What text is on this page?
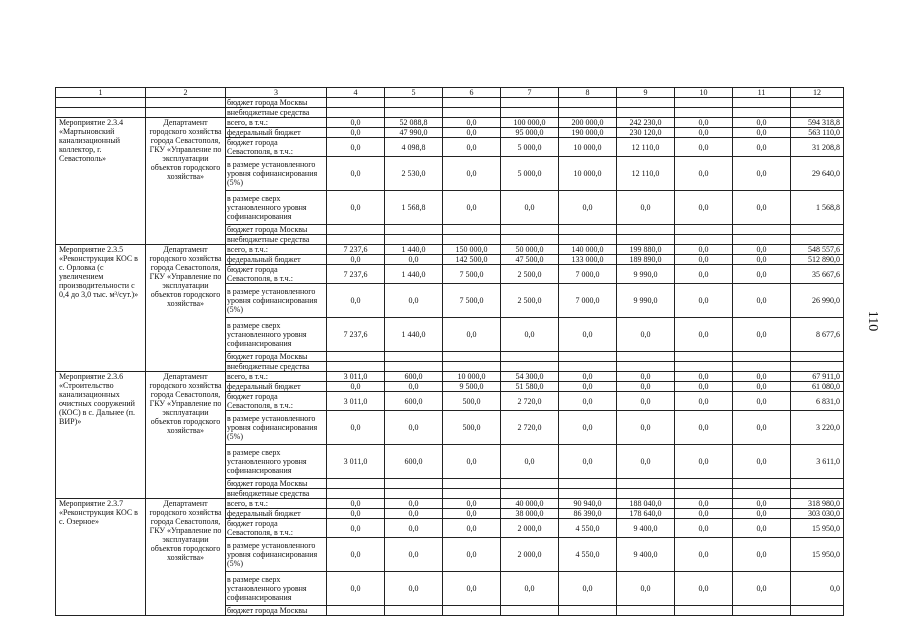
1	2	3	4	5	6	7	8	9	10	11	12
		бюджет города Москвы									
		внебюджетные средства									
Мероприятие 2.3.4 «Мартыновский канализационный коллектор, г. Севастополь»	Департамент городского хозяйства города Севастополя, ГКУ «Управление по эксплуатации объектов городского хозяйства»	всего, в т.ч.:	0,0	52 088,8	0,0	100 000,0	200 000,0	242 230,0	0,0	0,0	594 318,8
		федеральный бюджет	0,0	47 990,0	0,0	95 000,0	190 000,0	230 120,0	0,0	0,0	563 110,0
		бюджет города Севастополя, в т.ч.:	0,0	4 098,8	0,0	5 000,0	10 000,0	12 110,0	0,0	0,0	31 208,8
		в размере установленного уровня софинансирования (5%)	0,0	2 530,0	0,0	5 000,0	10 000,0	12 110,0	0,0	0,0	29 640,0
		в размере сверх установленного уровня софинансирования	0,0	1 568,8	0,0	0,0	0,0	0,0	0,0	0,0	1 568,8
		бюджет города Москвы									
		внебюджетные средства									
Мероприятие 2.3.5 «Реконструкция КОС в с. Орловка (с увеличением производительности с 0,4 до 3,0 тыс. м³/сут.)»	Департамент городского хозяйства города Севастополя, ГКУ «Управление по эксплуатации объектов городского хозяйства»	всего, в т.ч.:	7 237,6	1 440,0	150 000,0	50 000,0	140 000,0	199 880,0	0,0	0,0	548 557,6
		федеральный бюджет	0,0	0,0	142 500,0	47 500,0	133 000,0	189 890,0	0,0	0,0	512 890,0
		бюджет города Севастополя, в т.ч.:	7 237,6	1 440,0	7 500,0	2 500,0	7 000,0	9 990,0	0,0	0,0	35 667,6
		в размере установленного уровня софинансирования (5%)	0,0	0,0	7 500,0	2 500,0	7 000,0	9 990,0	0,0	0,0	26 990,0
		в размере сверх установленного уровня софинансирования	7 237,6	1 440,0	0,0	0,0	0,0	0,0	0,0	0,0	8 677,6
		бюджет города Москвы									
		внебюджетные средства									
Мероприятие 2.3.6 «Строительство канализационных очистных сооружений (КОС) в с. Дальнее (п. ВИР)»	Департамент городского хозяйства города Севастополя, ГКУ «Управление по эксплуатации объектов городского хозяйства»	всего, в т.ч.:	3 011,0	600,0	10 000,0	54 300,0	0,0	0,0	0,0	0,0	67 911,0
		федеральный бюджет	0,0	0,0	9 500,0	51 580,0	0,0	0,0	0,0	0,0	61 080,0
		бюджет города Севастополя, в т.ч.:	3 011,0	600,0	500,0	2 720,0	0,0	0,0	0,0	0,0	6 831,0
		в размере установленного уровня софинансирования (5%)	0,0	0,0	500,0	2 720,0	0,0	0,0	0,0	0,0	3 220,0
		в размере сверх установленного уровня софинансирования	3 011,0	600,0	0,0	0,0	0,0	0,0	0,0	0,0	3 611,0
		бюджет города Москвы									
		внебюджетные средства									
Мероприятие 2.3.7 «Реконструкция КОС в с. Озерное»	Департамент городского хозяйства города Севастополя, ГКУ «Управление по эксплуатации объектов городского хозяйства»	всего, в т.ч.:	0,0	0,0	0,0	40 000,0	90 940,0	188 040,0	0,0	0,0	318 980,0
		федеральный бюджет	0,0	0,0	0,0	38 000,0	86 390,0	178 640,0	0,0	0,0	303 030,0
		бюджет города Севастополя, в т.ч.:	0,0	0,0	0,0	2 000,0	4 550,0	9 400,0	0,0	0,0	15 950,0
		в размере установленного уровня софинансирования (5%)	0,0	0,0	0,0	2 000,0	4 550,0	9 400,0	0,0	0,0	15 950,0
		в размере сверх установленного уровня софинансирования	0,0	0,0	0,0	0,0	0,0	0,0	0,0	0,0	0,0
		бюджет города Москвы									
110
